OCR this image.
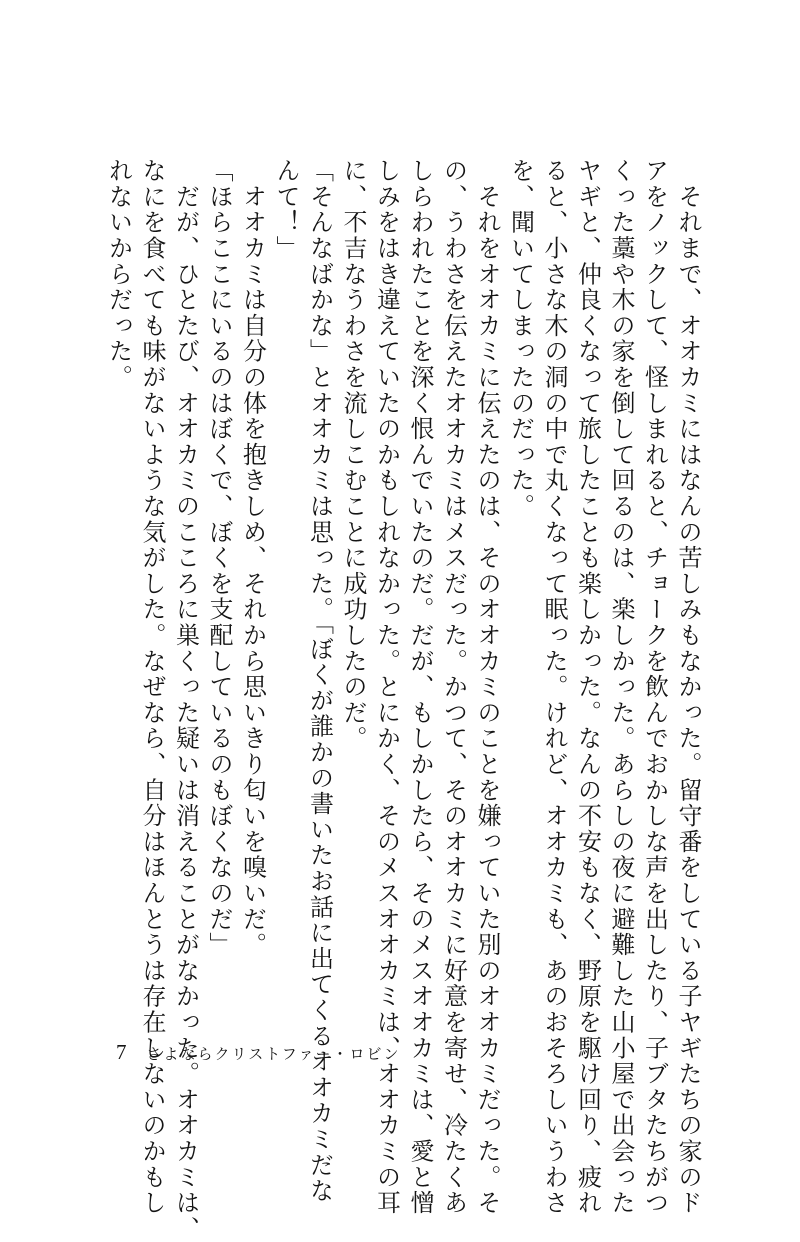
　それまで、オオカミにはなんの苦しみもなかった。留守番をしている子ヤギたちの家のド
アをノックして、怪しまれると、チョークを飲んでおかしな声を出したり、子ブタたちがつ
くった藁や木の家を倒して回るのは、楽しかった。あらしの夜に避難した山小屋で出会った
ヤギと、仲良くなって旅したことも楽しかった。なんの不安もなく、野原を駆け回り、疲れ
ると、小さな木の洞の中で丸くなって眠った。けれど、オオカミも、あのおそろしいうわさ
を、聞いてしまったのだった。
　それをオオカミに伝えたのは、そのオオカミのことを嫌っていた別のオオカミだった。そ
の、うわさを伝えたオオカミはメスだった。かつて、そのオオカミに好意を寄せ、冷たくあ
しらわれたことを深く恨んでいたのだ。だが、もしかしたら、そのメスオオカミは、愛と憎
しみをはき違えていたのかもしれなかった。とにかく、そのメスオオカミは、オオカミの耳
に、不吉なうわさを流しこむことに成功したのだ。
「そんなばかな」とオオカミは思った。「ぼくが誰かの書いたお話に出てくるオオカミだな
んて！」
　オオカミは自分の体を抱きしめ、それから思いきり匂いを嗅いだ。
「ほらここにいるのはぼくで、ぼくを支配しているのもぼくなのだ」
　だが、ひとたび、オオカミのこころに巣くった疑いは消えることがなかった。オオカミは、
なにを食べても味がないような気がした。なぜなら、自分はほんとうは存在しないのかもし
れないからだった。
7 さよならクリストファー・ロビン
